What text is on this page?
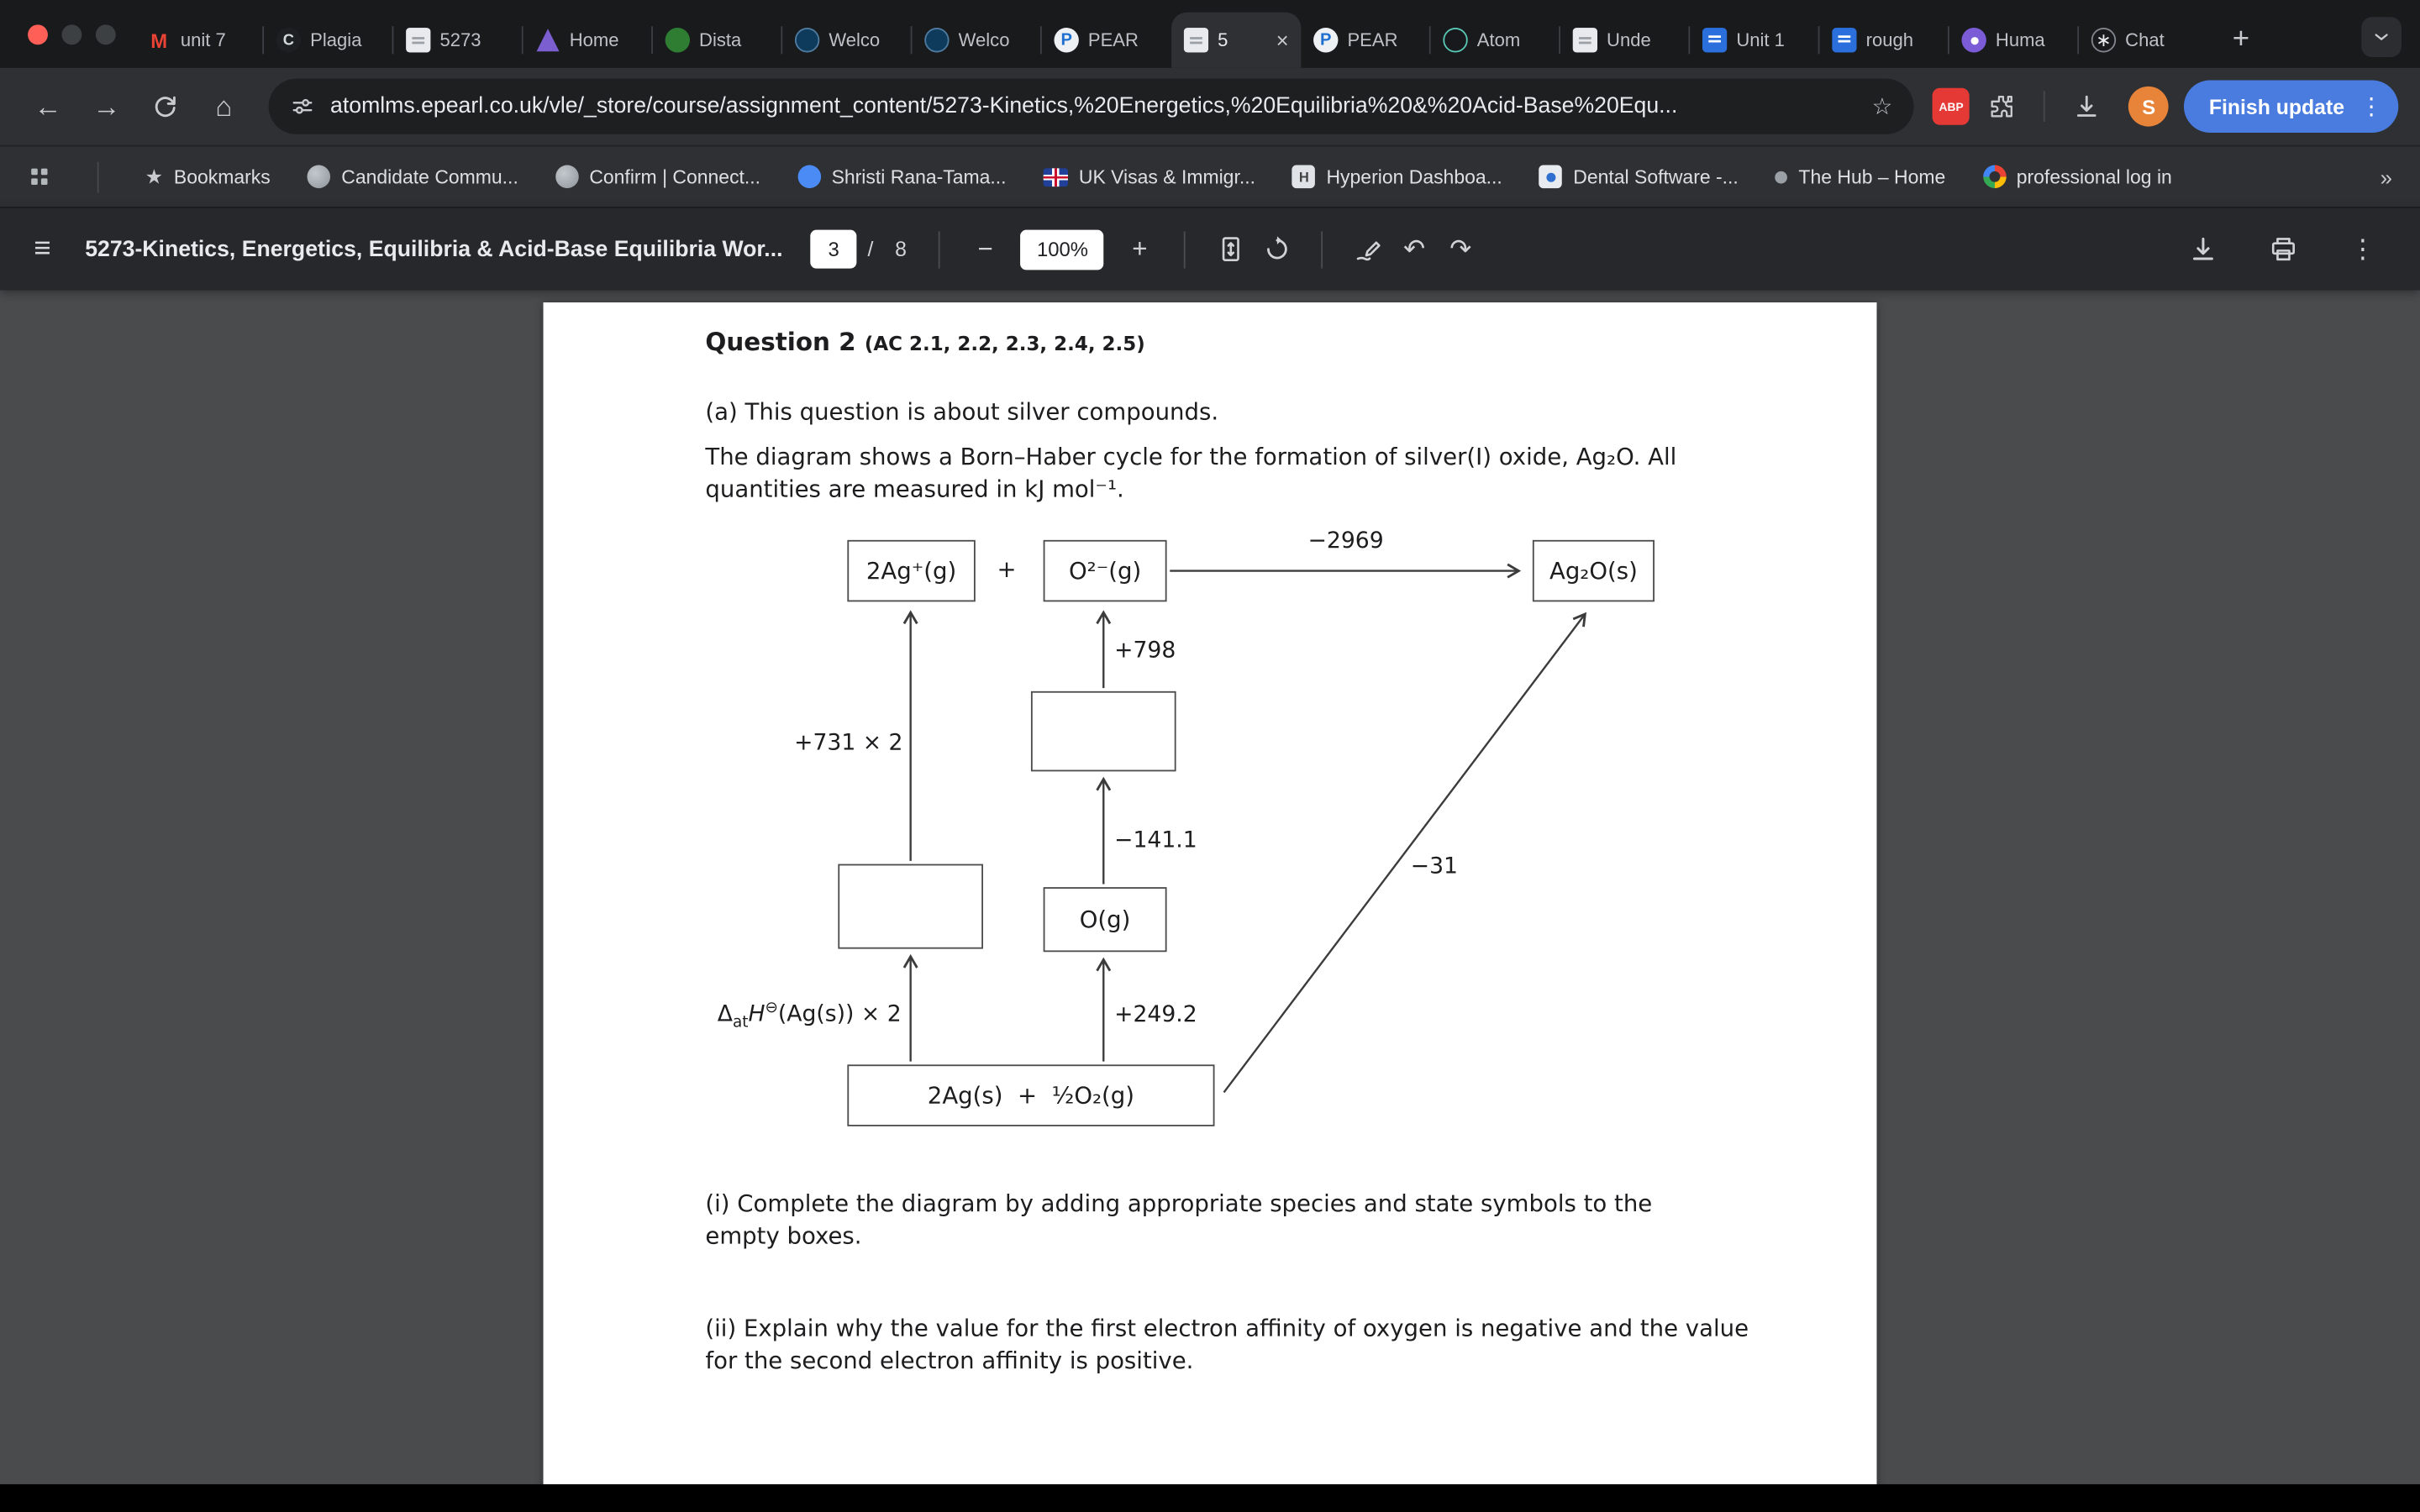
M
unit 7 C	Plagia	5273	Home	Dista	Welco	Welco P	PEAR	5	× P	PEAR	Atom	Unde	Unit 1	rough	Huma ∗	Chat	+
←	→	⌂	atomlms.epearl.co.uk/vle/_store/course/assignment_content/5273-Kinetics,%20Energetics,%20Equilibria%20&%20Acid-Base%20Equ...	☆	ABP	S	Finish update ⋮
★ Bookmarks	Candidate Commu...	Confirm | Connect...	Shristi Rana-Tama...	UK Visas & Immigr... H	Hyperion Dashboa...	Dental Software -...	The Hub – Home	professional log in	»
≡	5273-Kinetics, Energetics, Equilibria & Acid-Base Equilibria Wor...	3	/ 8	−	100%	+	↶	↷	⋮
Question 2 (AC 2.1, 2.2, 2.3, 2.4, 2.5)

(a) This question is about silver compounds.

The diagram shows a Born–Haber cycle for the formation of silver(I) oxide, Ag₂O. All quantities are measured in kJ mol⁻¹.

2Ag⁺(g)	+	O²⁻(g)	Ag₂O(s)
O(g)
2Ag(s)  +  ½O₂(g)
−2969
+798
−141.1
+249.2
+731 × 2
$\Delta_{at}H^⊖(Ag(s)) \times 2$
−31

(i) Complete the diagram by adding appropriate species and state symbols to the empty boxes.

(ii) Explain why the value for the first electron affinity of oxygen is negative and the value for the second electron affinity is positive.
